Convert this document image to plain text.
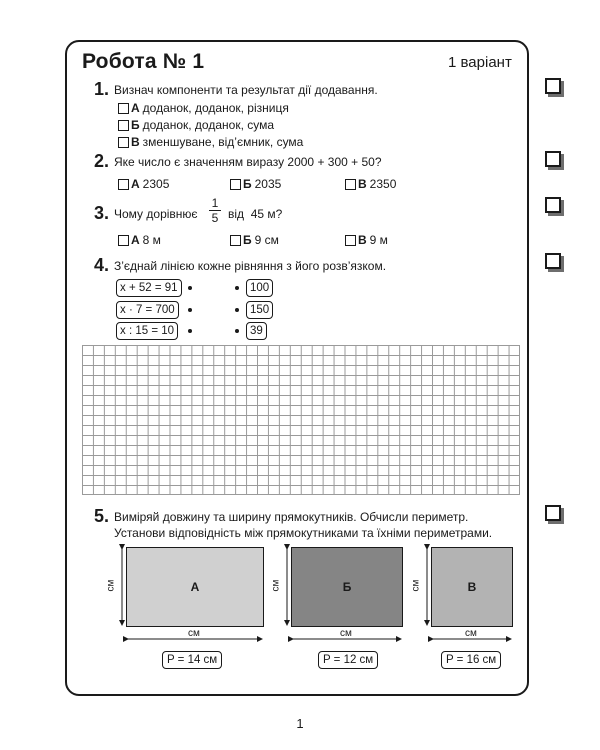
Робота № 1	1 варіант
1. Визнач компоненти та результат дії додавання.
А доданок, доданок, різниця
Б доданок, доданок, сума
В зменшуване, від’ємник, сума
2. Яке число є значенням виразу 2000 + 300 + 50?
А 2305	Б 2035	В 2350
3. Чому дорівнює $\frac{1}{5}$ від  45 м?
А 8 м	Б 9 см	В 9 м
4. З’єднай лінією кожне рівняння з його розв’язком.
x + 52 = 91
x · 7 = 700
x : 15 = 10
100
150
39
5. Виміряй довжину та ширину прямокутників. Обчисли периметр.
Установи відповідність між прямокутниками та їхніми периметрами.
А	Б	В
см	см	см
см	см	см
P = 14 см	P = 12 см	P = 16 см
1
